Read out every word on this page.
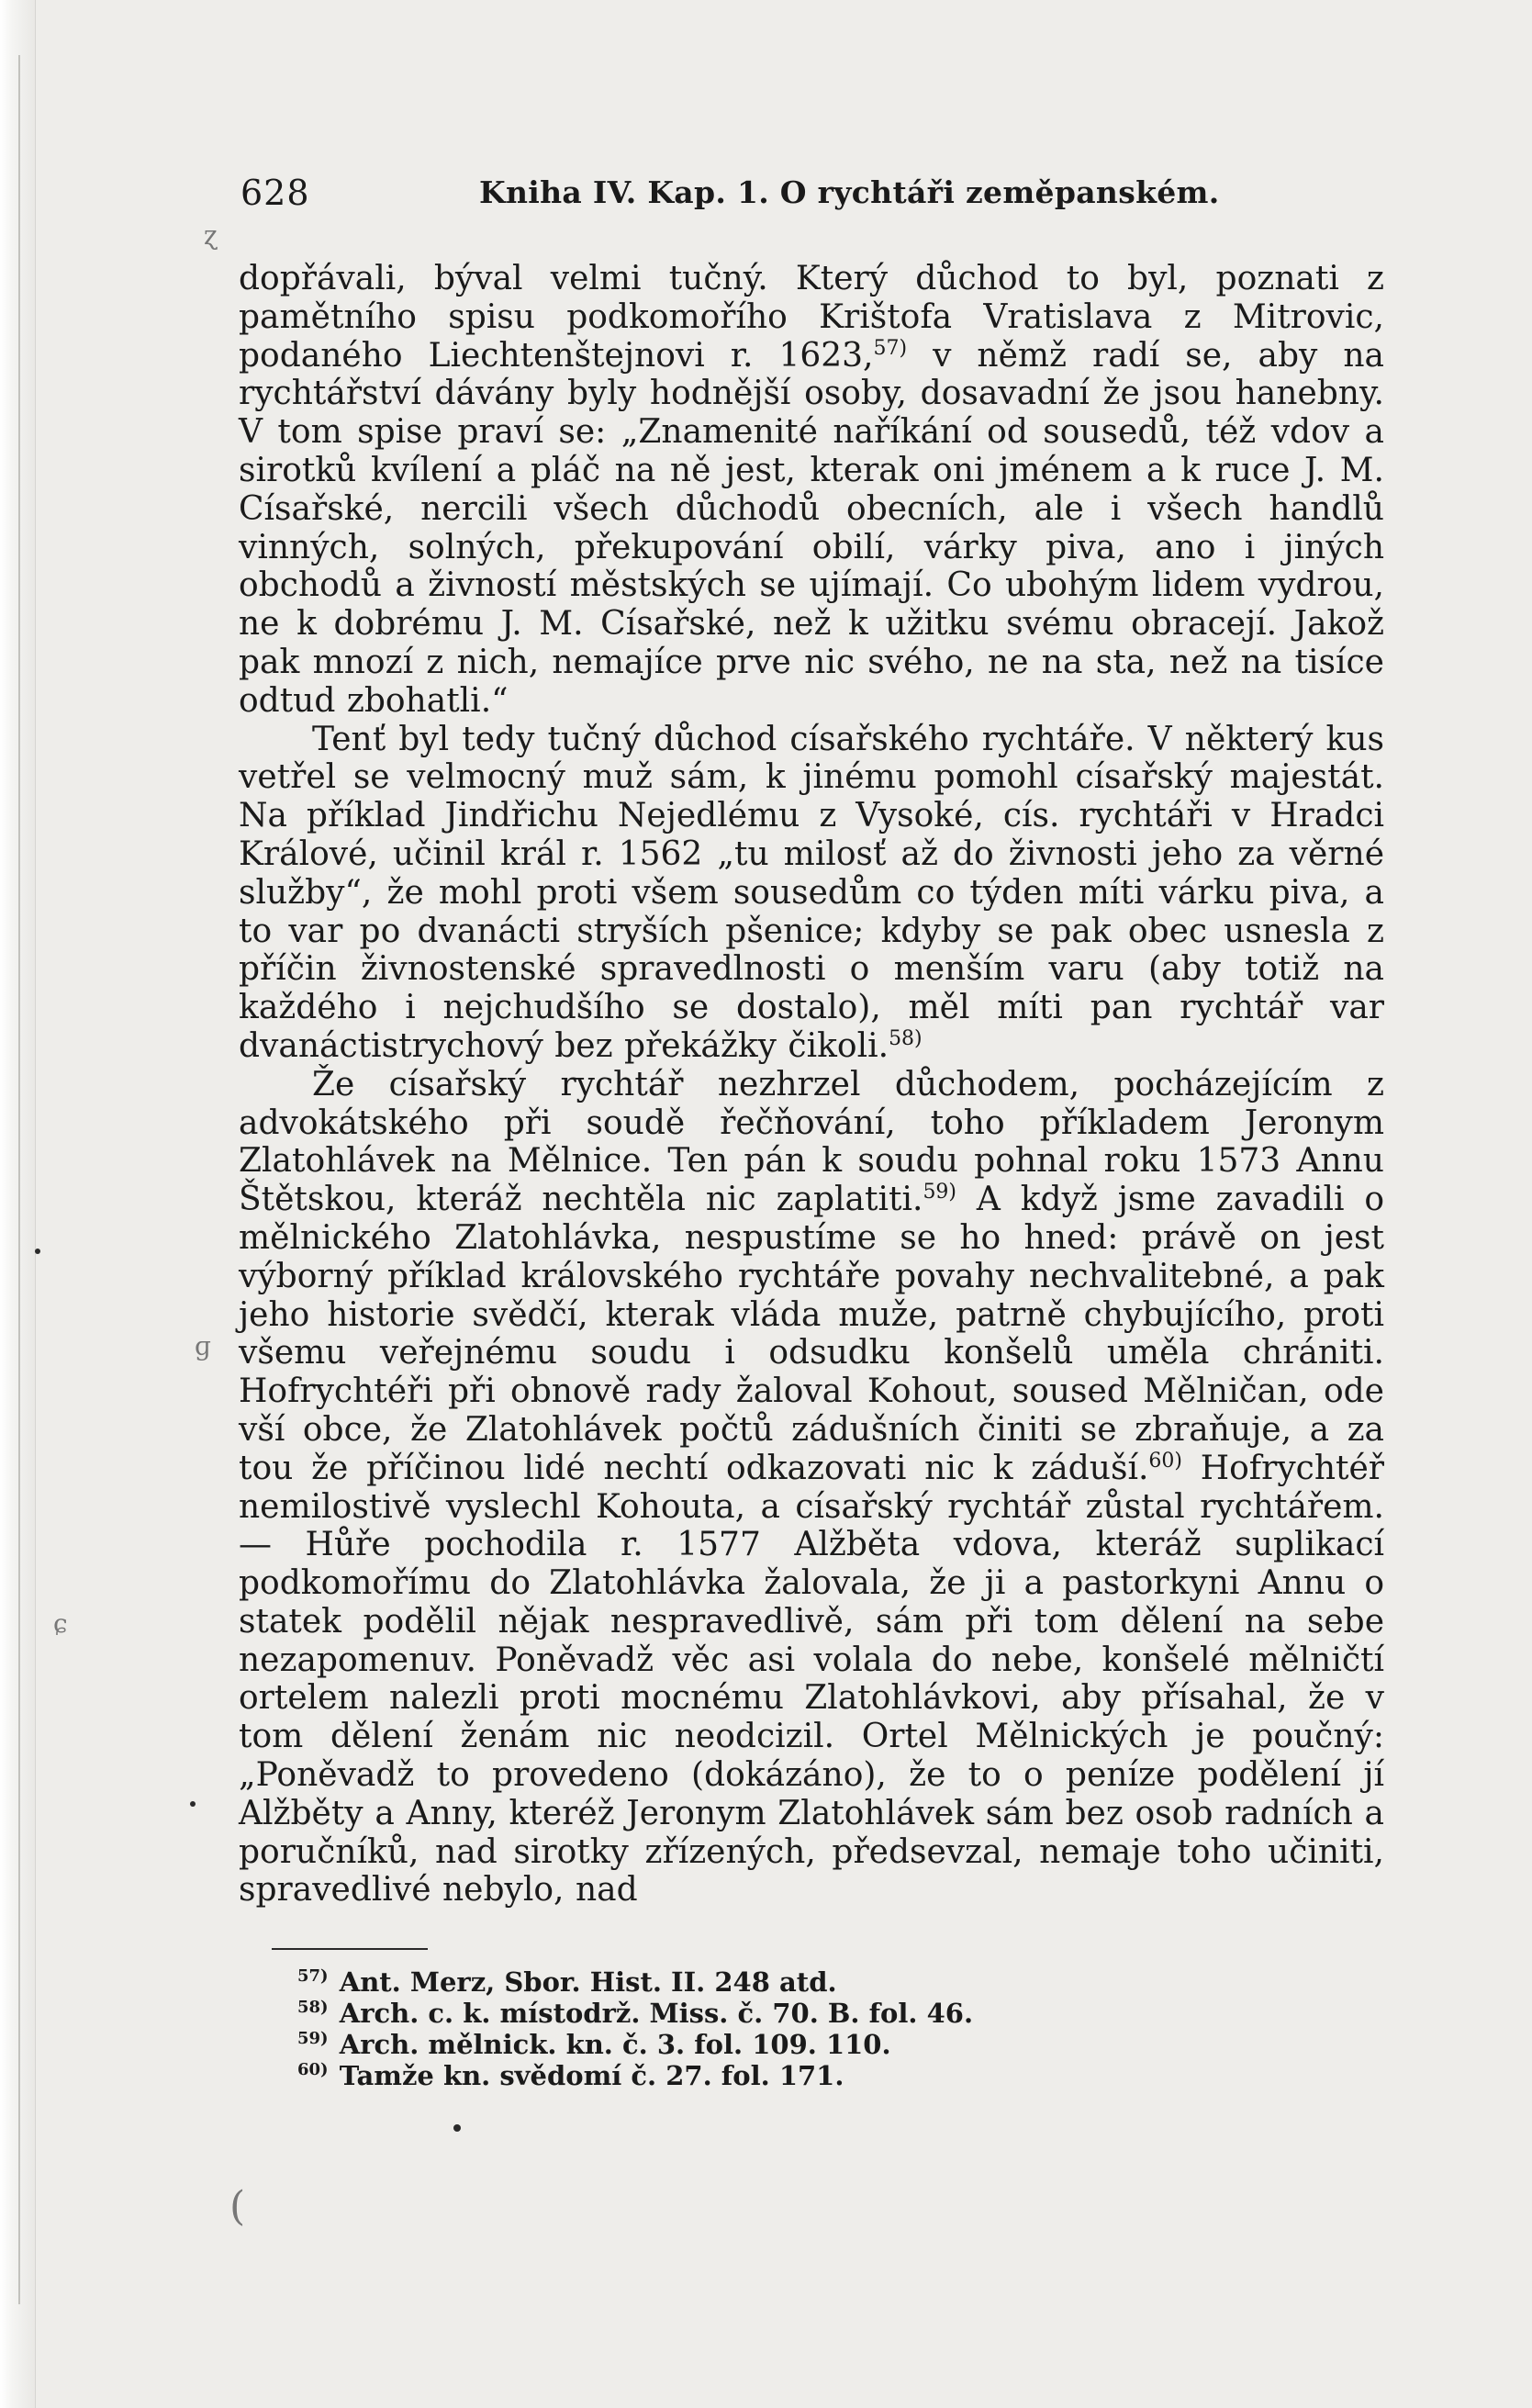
628	Kniha IV. Kap. 1. O rychtáři zeměpanském.

dopřávali, býval velmi tučný. Který důchod to byl, poznati z pamětního spisu podkomořího Krištofa Vratislava z Mitrovic, podaného Liechtenštejnovi r. 1623,$^{57)}$ v němž radí se, aby na rychtářství dávány byly hodnější osoby, dosavadní že jsou hanebny. V tom spise praví se: „Znamenité naříkání od sousedů, též vdov a sirotků kvílení a pláč na ně jest, kterak oni jménem a k ruce J. M. Císařské, nercili všech důchodů obecních, ale i všech handlů vinných, solných, překupování obilí, várky piva, ano i jiných obchodů a živností městských se ujímají. Co ubohým lidem vydrou, ne k dobrému J. M. Císařské, než k užitku svému obracejí. Jakož pak mnozí z nich, nemajíce prve nic svého, ne na sta, než na tisíce odtud zbohatli.“

Tenť byl tedy tučný důchod císařského rychtáře. V některý kus vetřel se velmocný muž sám, k jinému pomohl císařský majestát. Na příklad Jindřichu Nejedlému z Vysoké, cís. rychtáři v Hradci Králové, učinil král r. 1562 „tu milosť až do živnosti jeho za věrné služby“, že mohl proti všem sousedům co týden míti várku piva, a to var po dvanácti stryších pšenice; kdyby se pak obec usnesla z příčin živnostenské spravedlnosti o menším varu (aby totiž na každého i nejchudšího se dostalo), měl míti pan rychtář var dvanáctistrychový bez překážky čikoli.$^{58)}$

Že císařský rychtář nezhrzel důchodem, pocházejícím z advokátského při soudě řečňování, toho příkladem Jeronym Zlatohlávek na Mělnice. Ten pán k soudu pohnal roku 1573 Annu Štětskou, kteráž nechtěla nic zaplatiti.$^{59)}$ A když jsme zavadili o mělnického Zlatohlávka, nespustíme se ho hned: právě on jest výborný příklad královského rychtáře povahy nechvalitebné, a pak jeho historie svědčí, kterak vláda muže, patrně chybujícího, proti všemu veřejnému soudu i odsudku konšelů uměla chrániti. Hofrychtéři při obnově rady žaloval Kohout, soused Mělničan, ode vší obce, že Zlatohlávek počtů zádušních činiti se zbraňuje, a za tou že příčinou lidé nechtí odkazovati nic k záduší.$^{60)}$ Hofrychtéř nemilostivě vyslechl Kohouta, a císařský rychtář zůstal rychtářem. — Hůře pochodila r. 1577 Alžběta vdova, kteráž suplikací podkomořímu do Zlatohlávka žalovala, že ji a pastorkyni Annu o statek podělil nějak nespravedlivě, sám při tom dělení na sebe nezapomenuv. Poněvadž věc asi volala do nebe, konšelé mělničtí ortelem nalezli proti mocnému Zlatohlávkovi, aby přísahal, že v tom dělení ženám nic neodcizil. Ortel Mělnických je poučný: „Poněvadž to provedeno (dokázáno), že to o peníze podělení jí Alžběty a Anny, kteréž Jeronym Zlatohlávek sám bez osob radních a poručníků, nad sirotky zřízených, předsevzal, nemaje toho učiniti, spravedlivé nebylo, nad

$^{57)}$ Ant. Merz, Sbor. Hist. II. 248 atd.
$^{58)}$ Arch. c. k. místodrž. Miss. č. 70. B. fol. 46.
$^{59)}$ Arch. mělnick. kn. č. 3. fol. 109. 110.
$^{60)}$ Tamže kn. svědomí č. 27. fol. 171.
ɀ
ɡ
ɕ
(
